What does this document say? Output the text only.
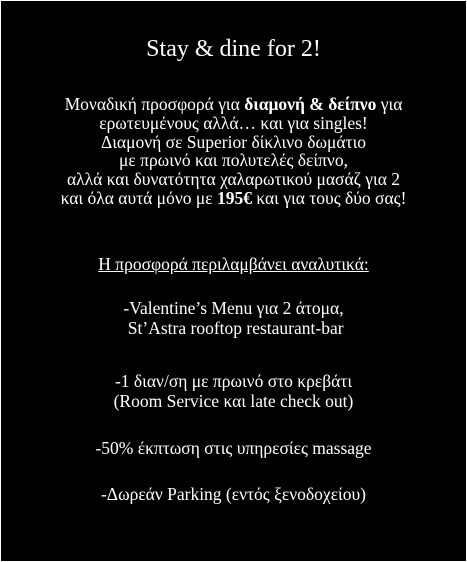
Stay & dine for 2!
Μοναδική προσφορά για διαμονή & δείπνο για
ερωτευμένους αλλά… και για singles!
Διαμονή σε Superior δίκλινο δωμάτιο
με πρωινό και πολυτελές δείπνο,
αλλά και δυνατότητα χαλαρωτικού μασάζ για 2
και όλα αυτά μόνο με 195€ και για τους δύο σας!

Η προσφορά περιλαμβάνει αναλυτικά:

-Valentine’s Menu για 2 άτομα,
St’Astra rooftop restaurant-bar
-1 διαν/ση με πρωινό στο κρεβάτι
(Room Service και late check out)
-50% έκπτωση στις υπηρεσίες massage
-Δωρεάν Parking (εντός ξενοδοχείου)
